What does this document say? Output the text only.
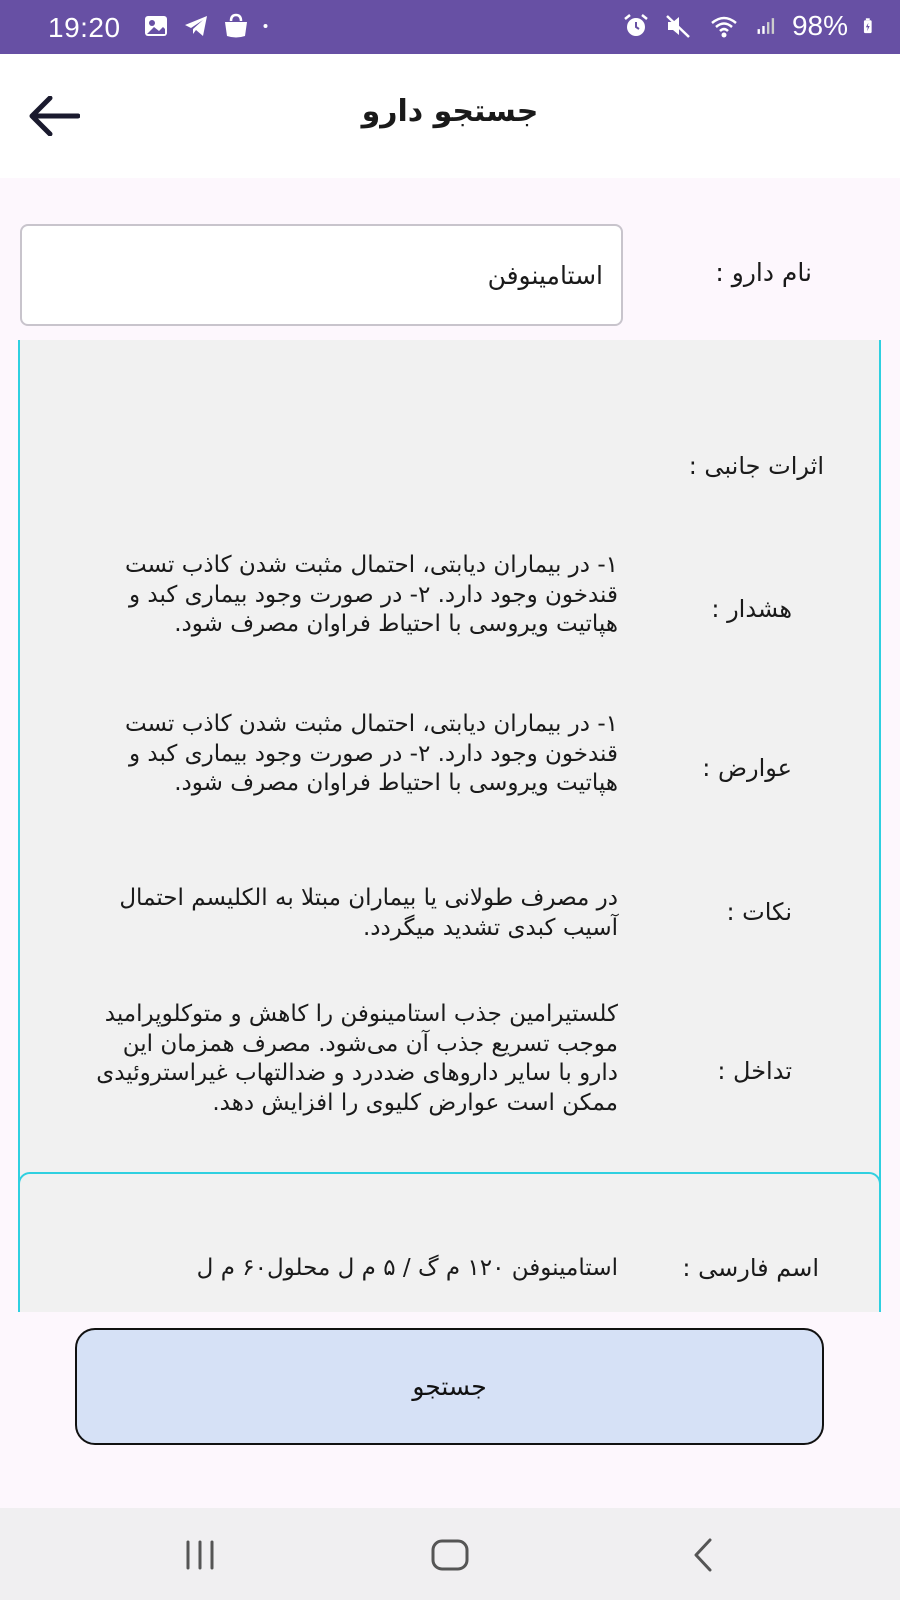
19:20	98%
جستجو دارو
نام دارو :
استامینوفن
اثرات جانبی :
هشدار :
۱- در بیماران دیابتی، احتمال مثبت شدن کاذب تست قندخون وجود دارد. ۲- در صورت وجود بیماری کبد و هپاتیت ویروسی با احتیاط فراوان مصرف شود.
عوارض :
۱- در بیماران دیابتی، احتمال مثبت شدن کاذب تست قندخون وجود دارد. ۲- در صورت وجود بیماری کبد و هپاتیت ویروسی با احتیاط فراوان مصرف شود.
نکات :
در مصرف طولانی یا بیماران مبتلا به الکلیسم احتمال آسیب کبدی تشدید میگردد.
تداخل :
کلستیرامین جذب استامینوفن را کاهش و متوکلوپرامید موجب تسریع جذب آن می‌شود. مصرف همزمان این دارو با سایر داروهای ضددرد و ضدالتهاب غیراستروئیدی ممکن است عوارض کلیوی را افزایش دهد.
اسم فارسی :
استامینوفن ۱۲۰ م گ / ۵ م ل محلول۶۰ م ل
جستجو
